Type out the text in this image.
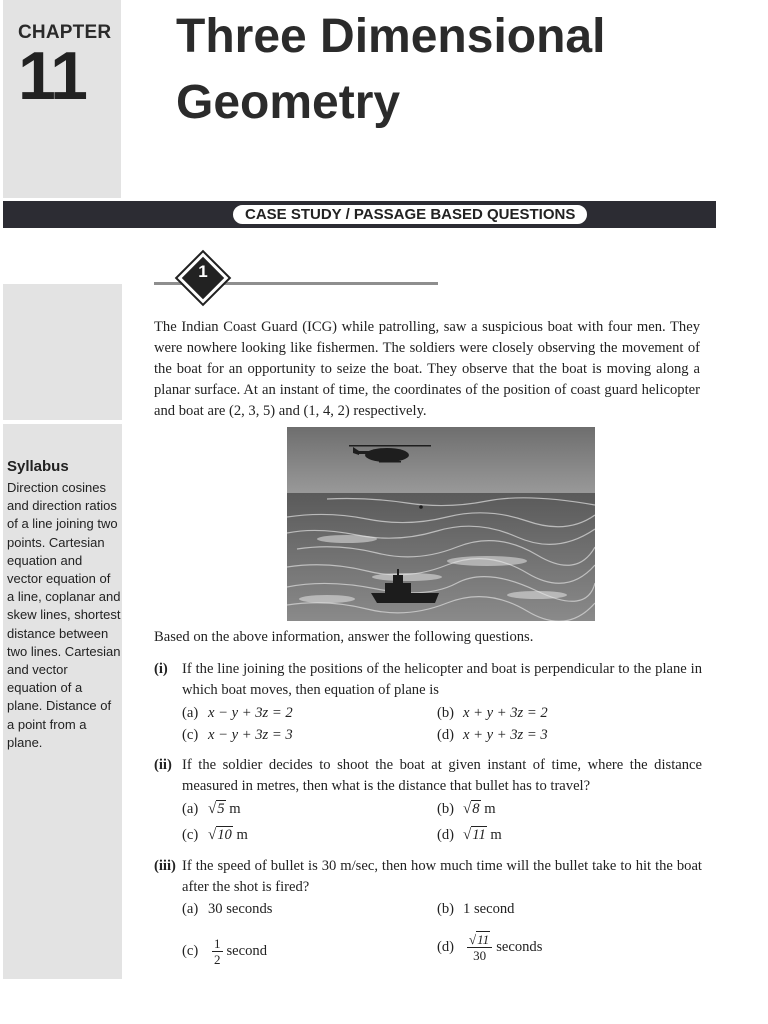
CHAPTER
11
Three Dimensional
Geometry
CASE STUDY / PASSAGE BASED QUESTIONS
Syllabus
Direction cosines and direction ratios of a line joining two points. Cartesian equation and vector equation of a line, coplanar and skew lines, shortest distance between two lines. Cartesian and vector equation of a plane. Distance of a point from a plane.
1
The Indian Coast Guard (ICG) while patrolling, saw a suspicious boat with four men. They were nowhere looking like fishermen. The soldiers were closely observing the movement of the boat for an opportunity to seize the boat. They observe that the boat is moving along a planar surface. At an instant of time, the coordinates of the position of coast guard helicopter and boat are (2, 3, 5) and (1, 4, 2) respectively.
Based on the above information, answer the following questions.
(i) If the line joining the positions of the helicopter and boat is perpendicular to the plane in which boat moves, then equation of plane is
(a) x − y + 3z = 2	(b) x + y + 3z = 2
(c) x − y + 3z = 3	(d) x + y + 3z = 3
(ii) If the soldier decides to shoot the boat at given instant of time, where the distance measured in metres, then what is the distance that bullet has to travel?
(a) √5 m	(b) √8 m
(c) √10 m	(d) √11 m
(iii) If the speed of bullet is 30 m/sec, then how much time will the bullet take to hit the boat after the shot is fired?
(a) 30 seconds	(b) 1 second
$(c) \frac{1}{2}$ second	$(d) \frac{√11}{30}$ seconds
